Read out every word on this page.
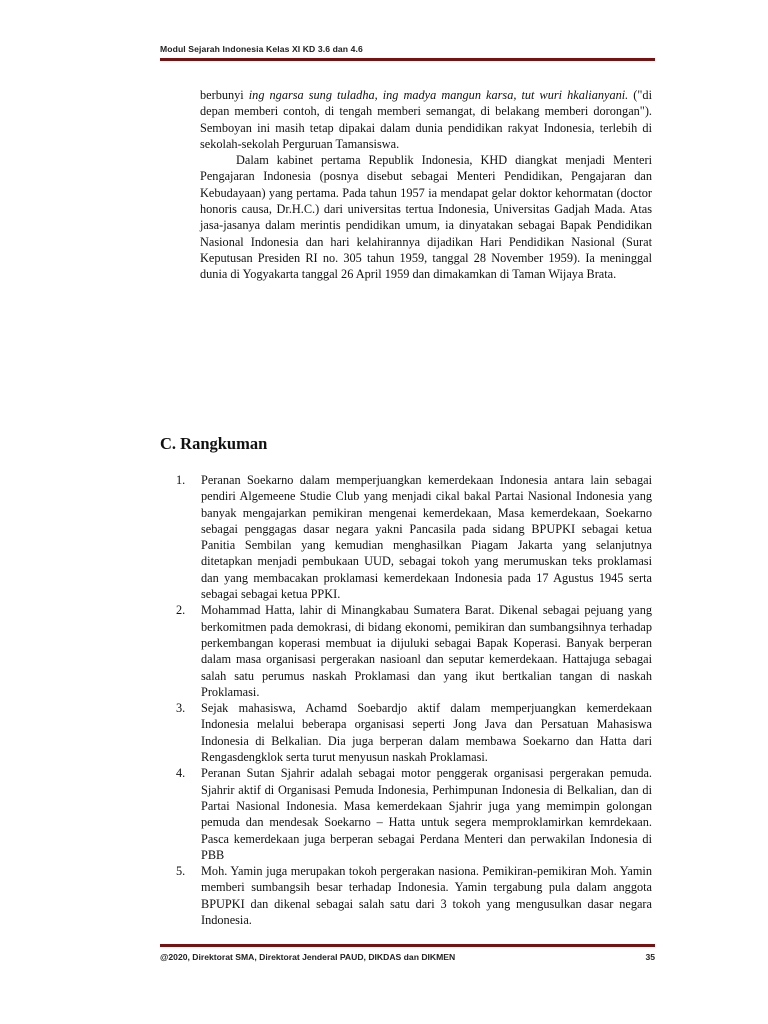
Modul Sejarah Indonesia Kelas XI KD 3.6 dan 4.6

berbunyi ing ngarsa sung tuladha, ing madya mangun karsa, tut wuri hkalianyani. ("di depan memberi contoh, di tengah memberi semangat, di belakang memberi dorongan"). Semboyan ini masih tetap dipakai dalam dunia pendidikan rakyat Indonesia, terlebih di sekolah-sekolah Perguruan Tamansiswa.

Dalam kabinet pertama Republik Indonesia, KHD diangkat menjadi Menteri Pengajaran Indonesia (posnya disebut sebagai Menteri Pendidikan, Pengajaran dan Kebudayaan) yang pertama. Pada tahun 1957 ia mendapat gelar doktor kehormatan (doctor honoris causa, Dr.H.C.) dari universitas tertua Indonesia, Universitas Gadjah Mada. Atas jasa-jasanya dalam merintis pendidikan umum, ia dinyatakan sebagai Bapak Pendidikan Nasional Indonesia dan hari kelahirannya dijadikan Hari Pendidikan Nasional (Surat Keputusan Presiden RI no. 305 tahun 1959, tanggal 28 November 1959). Ia meninggal dunia di Yogyakarta tanggal 26 April 1959 dan dimakamkan di Taman Wijaya Brata.

C. Rangkuman
1.	Peranan Soekarno dalam memperjuangkan kemerdekaan Indonesia antara lain sebagai pendiri Algemeene Studie Club yang menjadi cikal bakal Partai Nasional Indonesia yang banyak mengajarkan pemikiran mengenai kemerdekaan, Masa kemerdekaan, Soekarno sebagai penggagas dasar negara yakni Pancasila pada sidang BPUPKI sebagai ketua Panitia Sembilan yang kemudian menghasilkan Piagam Jakarta yang selanjutnya ditetapkan menjadi pembukaan UUD, sebagai tokoh yang merumuskan teks proklamasi dan yang membacakan proklamasi kemerdekaan Indonesia pada 17 Agustus 1945 serta sebagai sebagai ketua PPKI.
2.	Mohammad Hatta, lahir di Minangkabau Sumatera Barat. Dikenal sebagai pejuang yang berkomitmen pada demokrasi, di bidang ekonomi, pemikiran dan sumbangsihnya terhadap perkembangan koperasi membuat ia dijuluki sebagai Bapak Koperasi. Banyak berperan dalam masa organisasi pergerakan nasioanl dan seputar kemerdekaan. Hattajuga sebagai salah satu perumus naskah Proklamasi dan yang ikut bertkalian tangan di naskah Proklamasi.
3.	Sejak mahasiswa, Achamd Soebardjo aktif dalam memperjuangkan kemerdekaan Indonesia melalui beberapa organisasi seperti Jong Java dan Persatuan Mahasiswa Indonesia di Belkalian. Dia juga berperan dalam membawa Soekarno dan Hatta dari Rengasdengklok serta turut menyusun naskah Proklamasi.
4.	Peranan Sutan Sjahrir adalah sebagai motor penggerak organisasi pergerakan pemuda. Sjahrir aktif di Organisasi Pemuda Indonesia, Perhimpunan Indonesia di Belkalian, dan di Partai Nasional Indonesia. Masa kemerdekaan Sjahrir juga yang memimpin golongan pemuda dan mendesak Soekarno – Hatta untuk segera memproklamirkan kemrdekaan. Pasca kemerdekaan juga berperan sebagai Perdana Menteri dan perwakilan Indonesia di PBB
5.	Moh. Yamin juga merupakan tokoh pergerakan nasiona. Pemikiran-pemikiran Moh. Yamin memberi sumbangsih besar terhadap Indonesia. Yamin tergabung pula dalam anggota BPUPKI dan dikenal sebagai salah satu dari 3 tokoh yang mengusulkan dasar negara Indonesia.
@2020, Direktorat SMA, Direktorat Jenderal PAUD, DIKDAS dan DIKMEN	35
